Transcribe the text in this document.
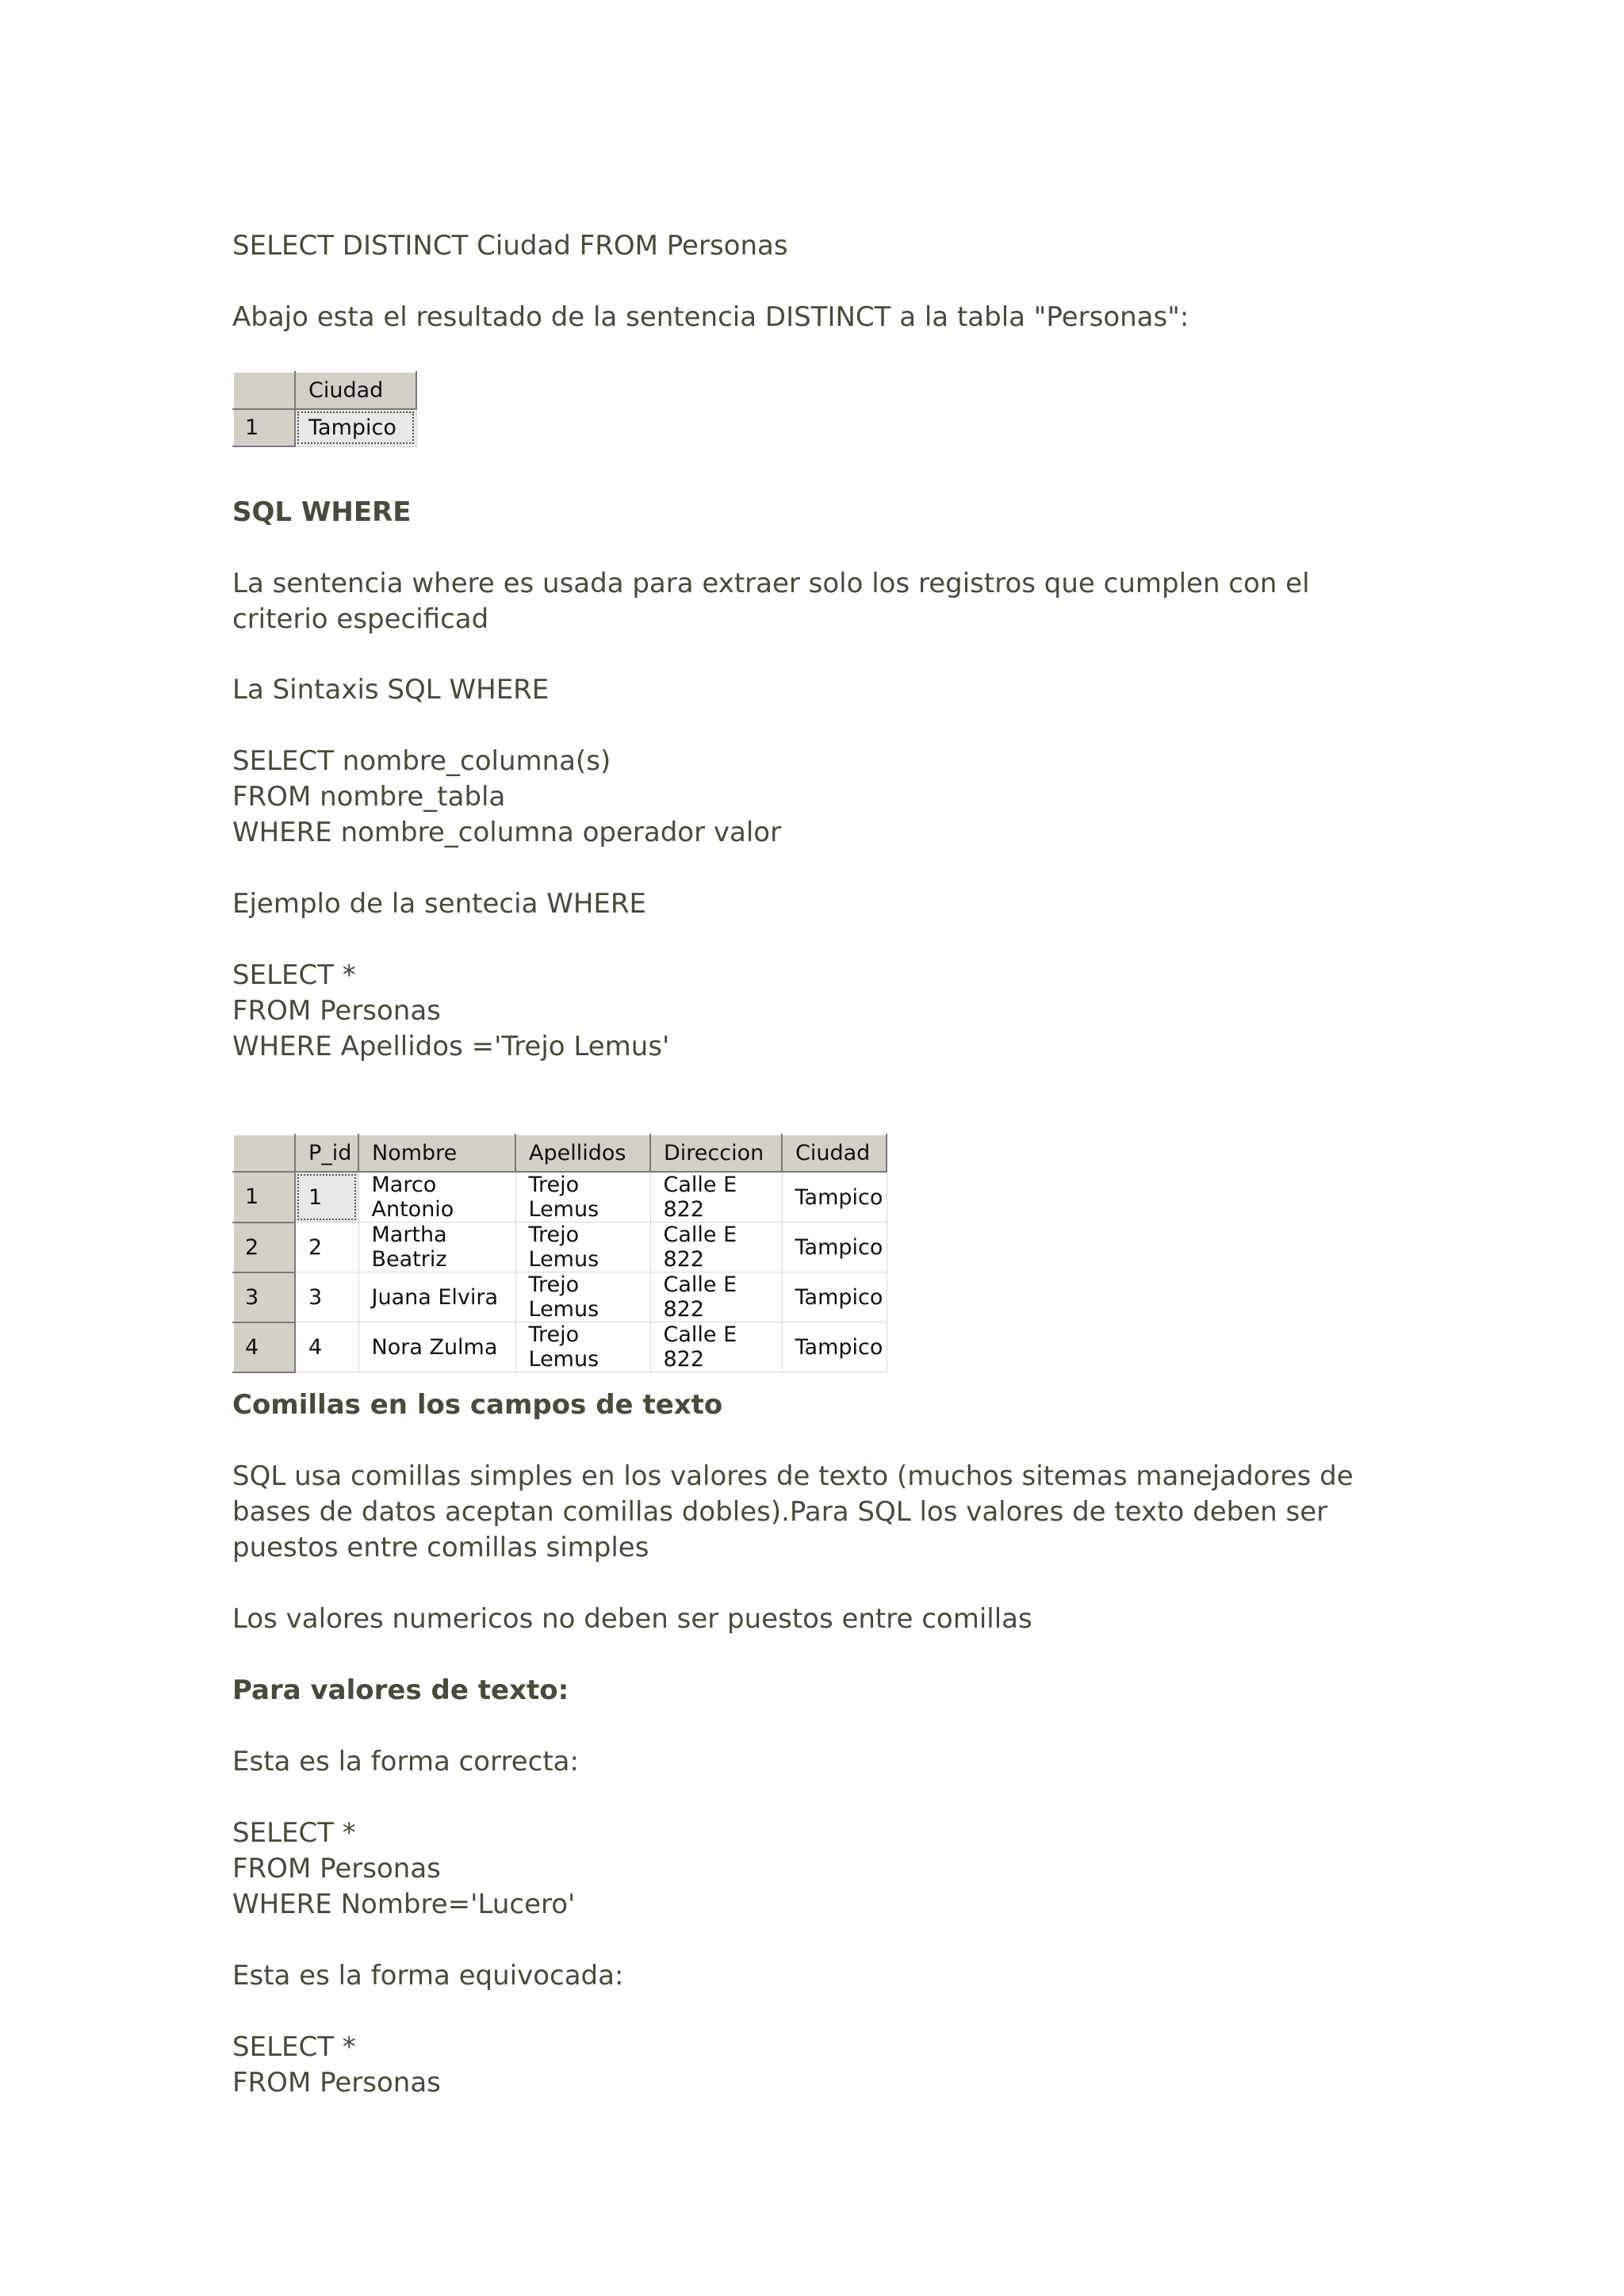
SELECT DISTINCT Ciudad FROM Personas

Abajo esta el resultado de la sentencia DISTINCT a la tabla "Personas":

	Ciudad
1	Tampico

SQL WHERE

La sentencia where es usada para extraer solo los registros que cumplen con el criterio especificad

La Sintaxis SQL WHERE

SELECT nombre_columna(s)

FROM nombre_tabla

WHERE nombre_columna operador valor

Ejemplo de la sentecia WHERE

SELECT *

FROM Personas

WHERE Apellidos ='Trejo Lemus'

	P_id	Nombre	Apellidos	Direccion	Ciudad
1	1	Marco Antonio	Trejo Lemus	Calle E 822	Tampico
2	2	Martha Beatriz	Trejo Lemus	Calle E 822	Tampico
3	3	Juana Elvira	Trejo Lemus	Calle E 822	Tampico
4	4	Nora Zulma	Trejo Lemus	Calle E 822	Tampico

Comillas en los campos de texto

SQL usa comillas simples en los valores de texto (muchos sitemas manejadores de bases de datos aceptan comillas dobles).Para SQL los valores de texto deben ser puestos entre comillas simples

Los valores numericos no deben ser puestos entre comillas

Para valores de texto:

Esta es la forma correcta:

SELECT *

FROM Personas

WHERE Nombre='Lucero'

Esta es la forma equivocada:

SELECT *

FROM Personas
